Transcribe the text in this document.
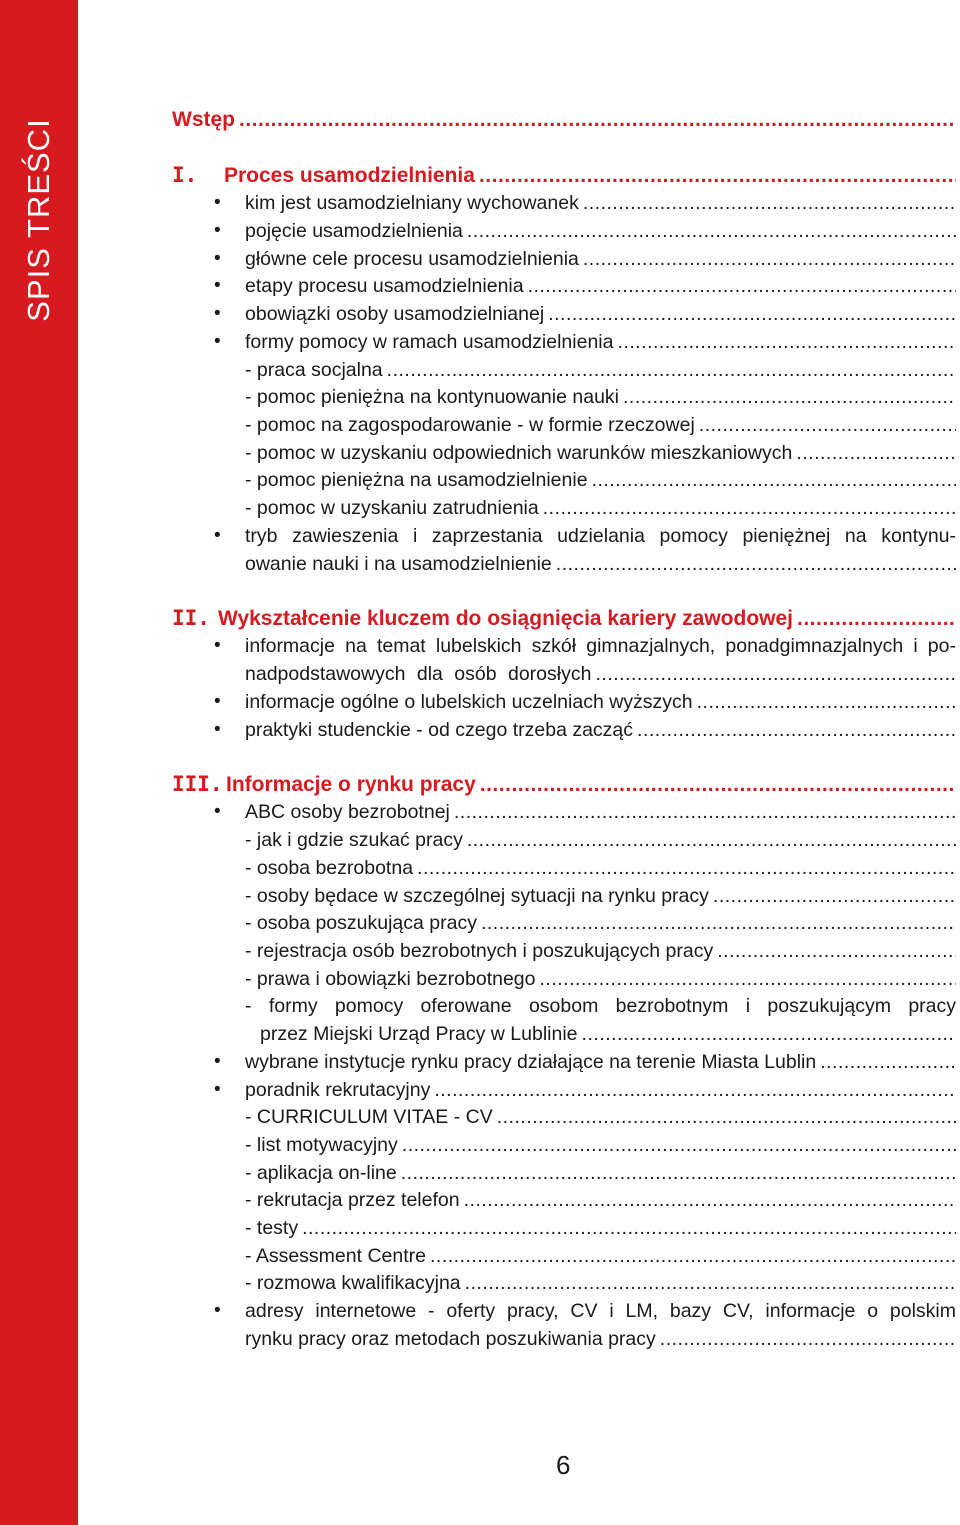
SPIS TREŚCI	Wstęp
.....
I.	Proces usamodzielnienia
.....
• kim jest usamodzielniany wychowanek
.....
• pojęcie usamodzielnienia
.....
• główne cele procesu usamodzielnienia
.....
• etapy procesu usamodzielnienia
.....
• obowiązki osoby usamodzielnianej
.....
• formy pomocy w ramach usamodzielnienia
.....
- praca socjalna
.....
- pomoc pieniężna na kontynuowanie nauki
.....
- pomoc na zagospodarowanie - w formie rzeczowej
.....
- pomoc w uzyskaniu odpowiednich warunków mieszkaniowych
.....
- pomoc pieniężna na usamodzielnienie
.....
- pomoc w uzyskaniu zatrudnienia
.....
• tryb zawieszenia i zaprzestania udzielania pomocy pieniężnej na kontynu-
owanie nauki i na usamodzielnienie
.....
II. Wykształcenie kluczem do osiągnięcia kariery zawodowej
.....
• informacje na temat lubelskich szkół gimnazjalnych, ponadgimnazjalnych i po-
nadpodstawowych dla osób dorosłych
.....
• informacje ogólne o lubelskich uczelniach wyższych
.....
• praktyki studenckie - od czego trzeba zacząć
.....
III. Informacje o rynku pracy
.....
• ABC osoby bezrobotnej
.....
- jak i gdzie szukać pracy
.....
- osoba bezrobotna
.....
- osoby będace w szczególnej sytuacji na rynku pracy
.....
- osoba poszukująca pracy
.....
- rejestracja osób bezrobotnych i poszukujących pracy
.....
- prawa i obowiązki bezrobotnego
.....
- formy pomocy oferowane osobom bezrobotnym i poszukującym pracy
przez Miejski Urząd Pracy w Lublinie
.....
• wybrane instytucje rynku pracy działające na terenie Miasta Lublin
.....
• poradnik rekrutacyjny
.....
- CURRICULUM VITAE - CV
.....
- list motywacyjny
.....
- aplikacja on-line
.....
- rekrutacja przez telefon
.....
- testy
.....
- Assessment Centre
.....
- rozmowa kwalifikacyjna
.....
• adresy internetowe - oferty pracy, CV i LM, bazy CV, informacje o polskim
rynku pracy oraz metodach poszukiwania pracy
.....
6
